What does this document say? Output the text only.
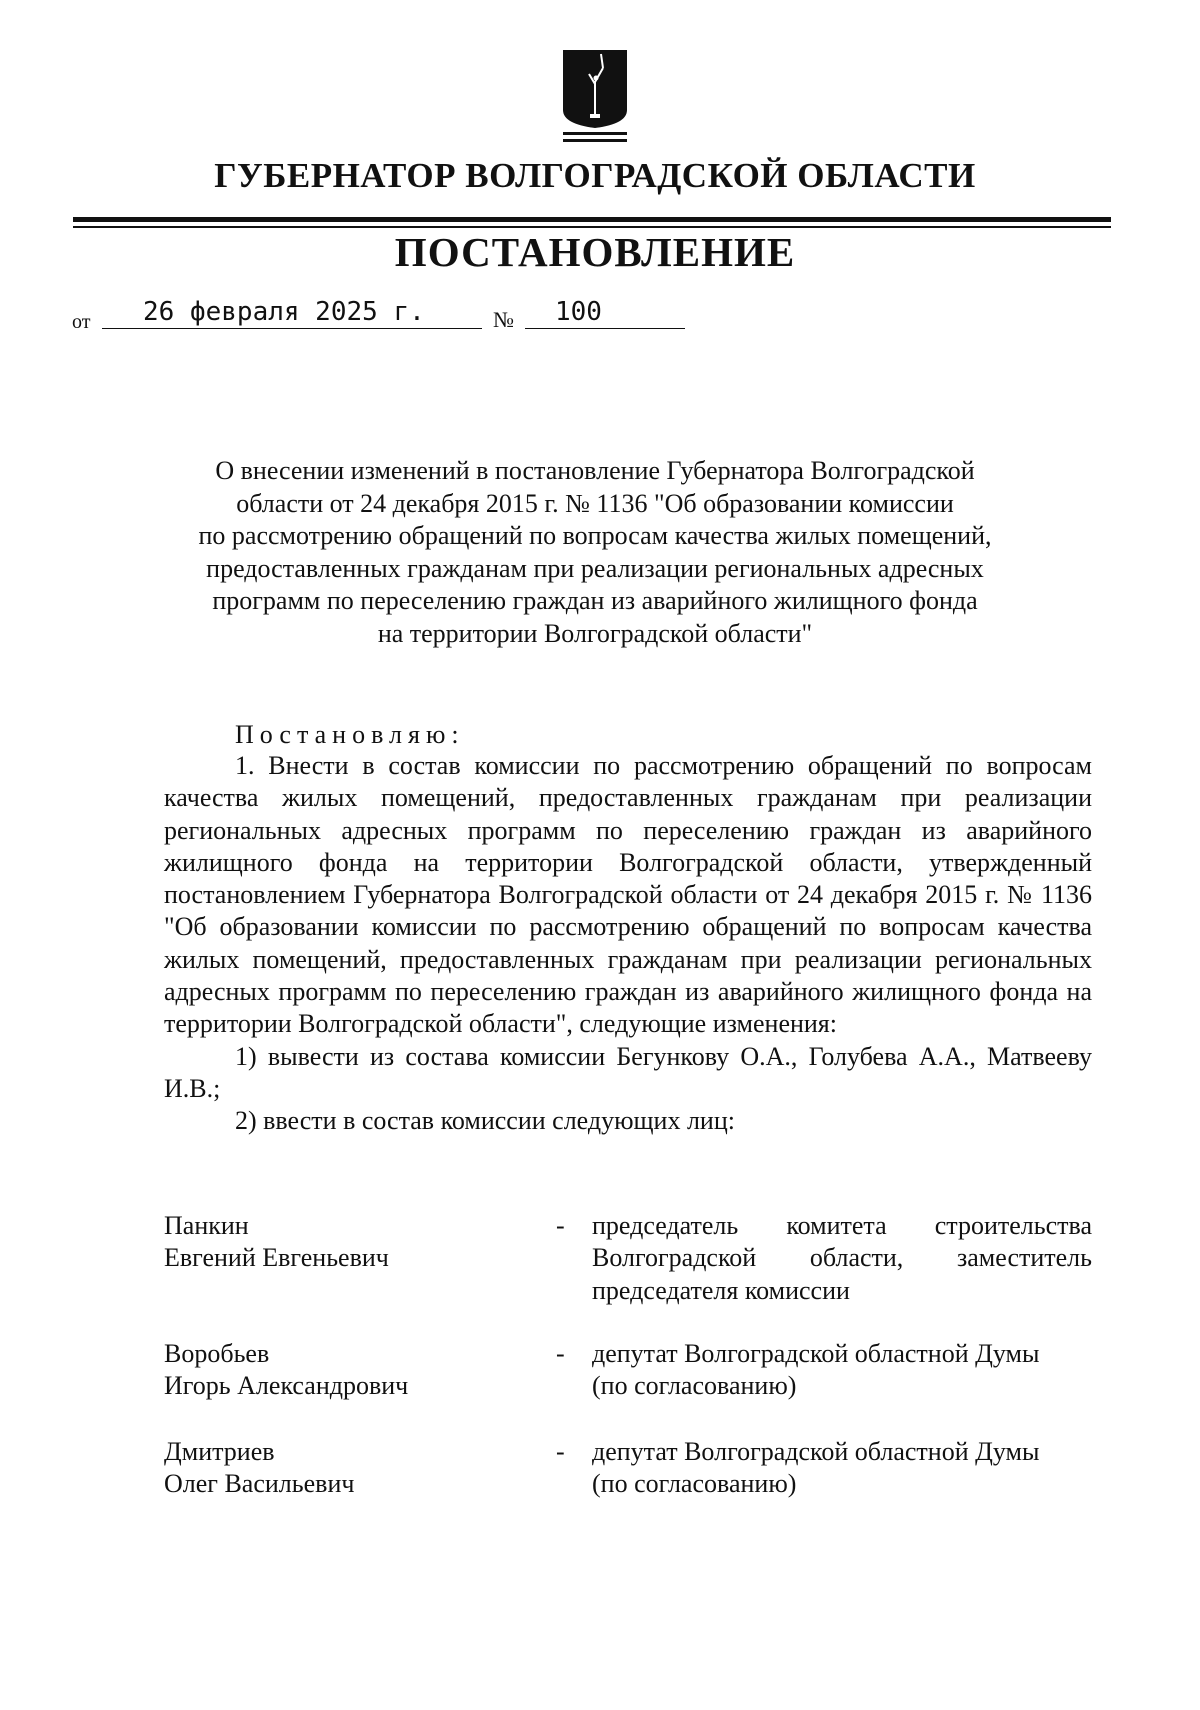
ГУБЕРНАТОР ВОЛГОГРАДСКОЙ ОБЛАСТИ
ПОСТАНОВЛЕНИЕ
от 26 февраля 2025 г.	№ 100
О внесении изменений в постановление Губернатора Волгоградской
области от 24 декабря 2015 г. № 1136 "Об образовании комиссии
по рассмотрению обращений по вопросам качества жилых помещений,
предоставленных гражданам при реализации региональных адресных
программ по переселению граждан из аварийного жилищного фонда
на территории Волгоградской области"
Постановляю:

1. Внести в состав комиссии по рассмотрению обращений по вопросам качества жилых помещений, предоставленных гражданам при реализации региональных адресных программ по переселению граждан из аварийного жилищного фонда на территории Волгоградской области, утвержденный постановлением Губернатора Волгоградской области от 24 декабря 2015 г. № 1136 "Об образовании комиссии по рассмотрению обращений по вопросам качества жилых помещений, предоставленных гражданам при реализации региональных адресных программ по переселению граждан из аварийного жилищного фонда на территории Волгоградской области", следующие изменения:

1) вывести из состава комиссии Бегункову О.А., Голубева А.А., Матвееву И.В.;

2) ввести в состав комиссии следующих лиц:

Панкин
Евгений Евгеньевич
- председатель комитета строительства
Волгоградской области, заместитель
председателя комиссии
Воробьев
Игорь Александрович
- депутат Волгоградской областной Думы
(по согласованию)
Дмитриев
Олег Васильевич
- депутат Волгоградской областной Думы
(по согласованию)
